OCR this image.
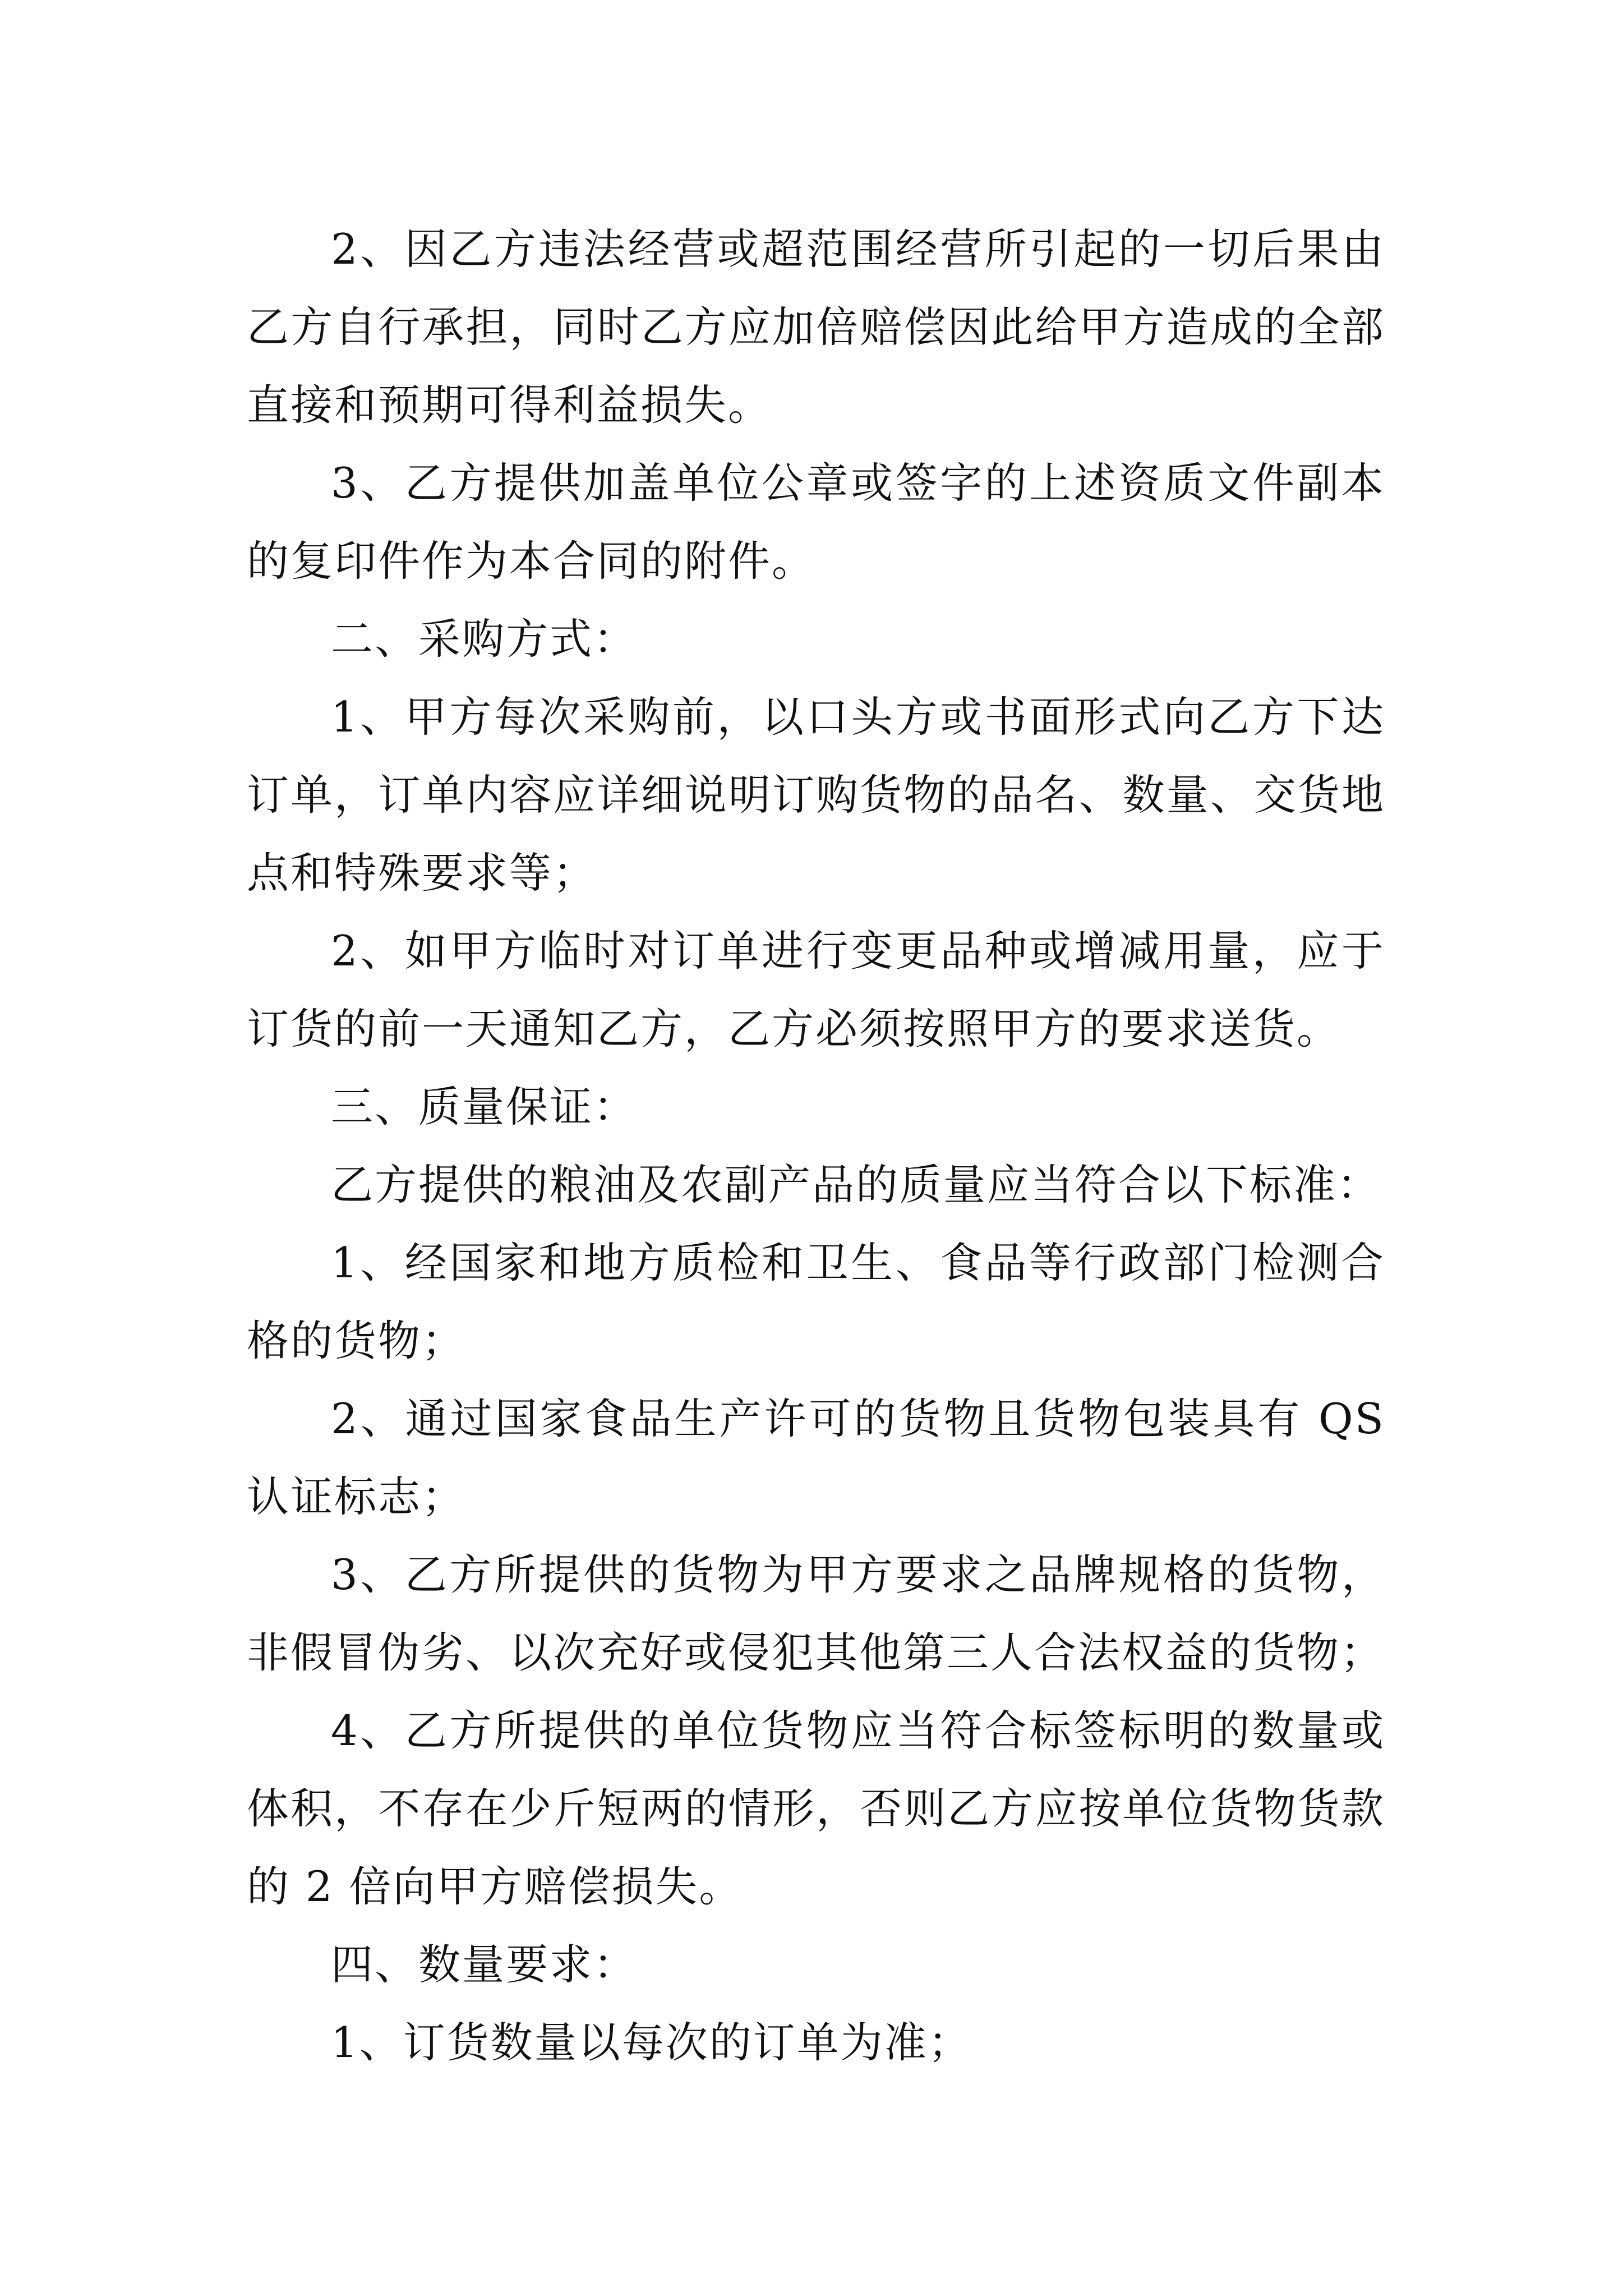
2、因乙方违法经营或超范围经营所引起的一切后果由乙方自行承担，同时乙方应加倍赔偿因此给甲方造成的全部直接和预期可得利益损失。

3、乙方提供加盖单位公章或签字的上述资质文件副本的复印件作为本合同的附件。

二、采购方式：

1、甲方每次采购前，以口头方或书面形式向乙方下达订单，订单内容应详细说明订购货物的品名、数量、交货地点和特殊要求等；

2、如甲方临时对订单进行变更品种或增减用量，应于订货的前一天通知乙方，乙方必须按照甲方的要求送货。

三、质量保证：

乙方提供的粮油及农副产品的质量应当符合以下标准：

1、经国家和地方质检和卫生、食品等行政部门检测合格的货物；

2、通过国家食品生产许可的货物且货物包装具有 QS 认证标志；

3、乙方所提供的货物为甲方要求之品牌规格的货物，非假冒伪劣、以次充好或侵犯其他第三人合法权益的货物；

4、乙方所提供的单位货物应当符合标签标明的数量或体积，不存在少斤短两的情形，否则乙方应按单位货物货款的 2 倍向甲方赔偿损失。

四、数量要求：

1、订货数量以每次的订单为准；
